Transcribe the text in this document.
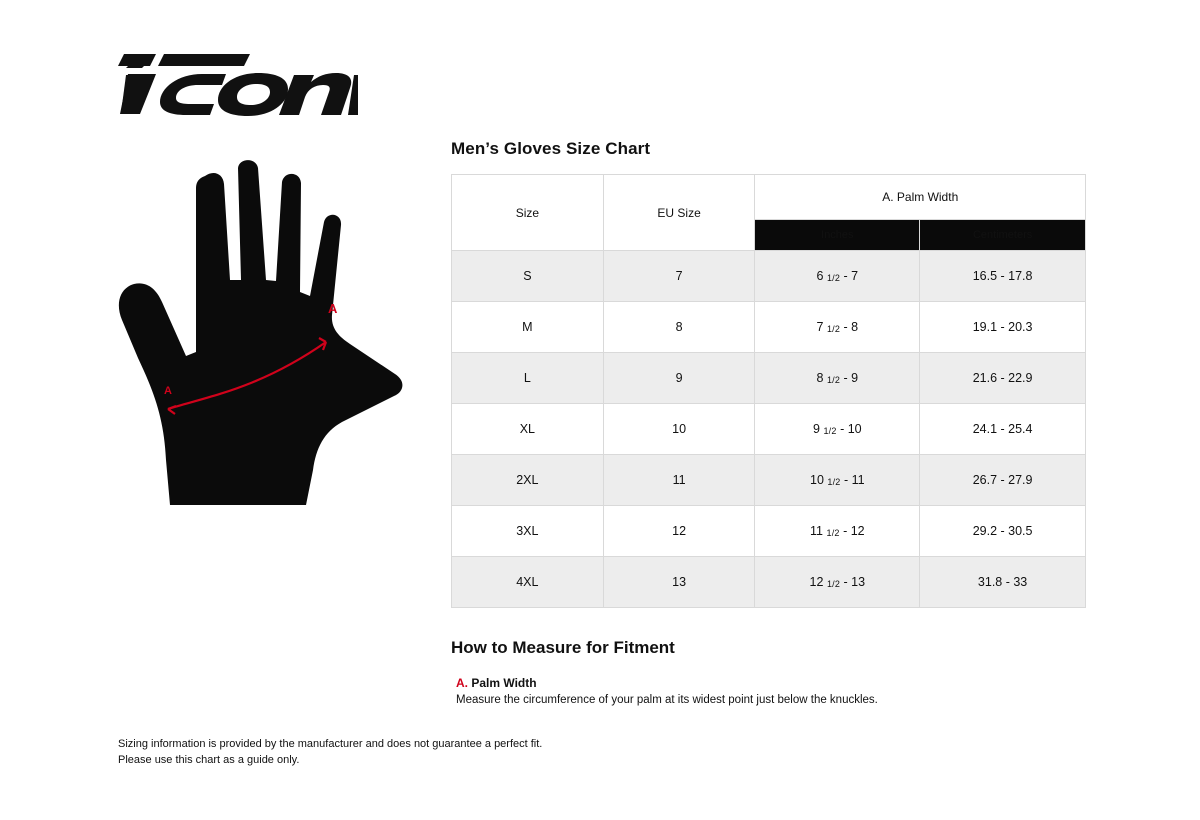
®
A
A
Men’s Gloves Size Chart
Size	EU Size	A. Palm Width	
		Inches	Centimeters
S	7	6 1/2 - 7	16.5 - 17.8
M	8	7 1/2 - 8	19.1 - 20.3
L	9	8 1/2 - 9	21.6 - 22.9
XL	10	9 1/2 - 10	24.1 - 25.4
2XL	11	10 1/2 - 11	26.7 - 27.9
3XL	12	11 1/2 - 12	29.2 - 30.5
4XL	13	12 1/2 - 13	31.8 - 33
How to Measure for Fitment
A. Palm Width
Measure the circumference of your palm at its widest point just below the knuckles.
Sizing information is provided by the manufacturer and does not guarantee a perfect fit.
Please use this chart as a guide only.
